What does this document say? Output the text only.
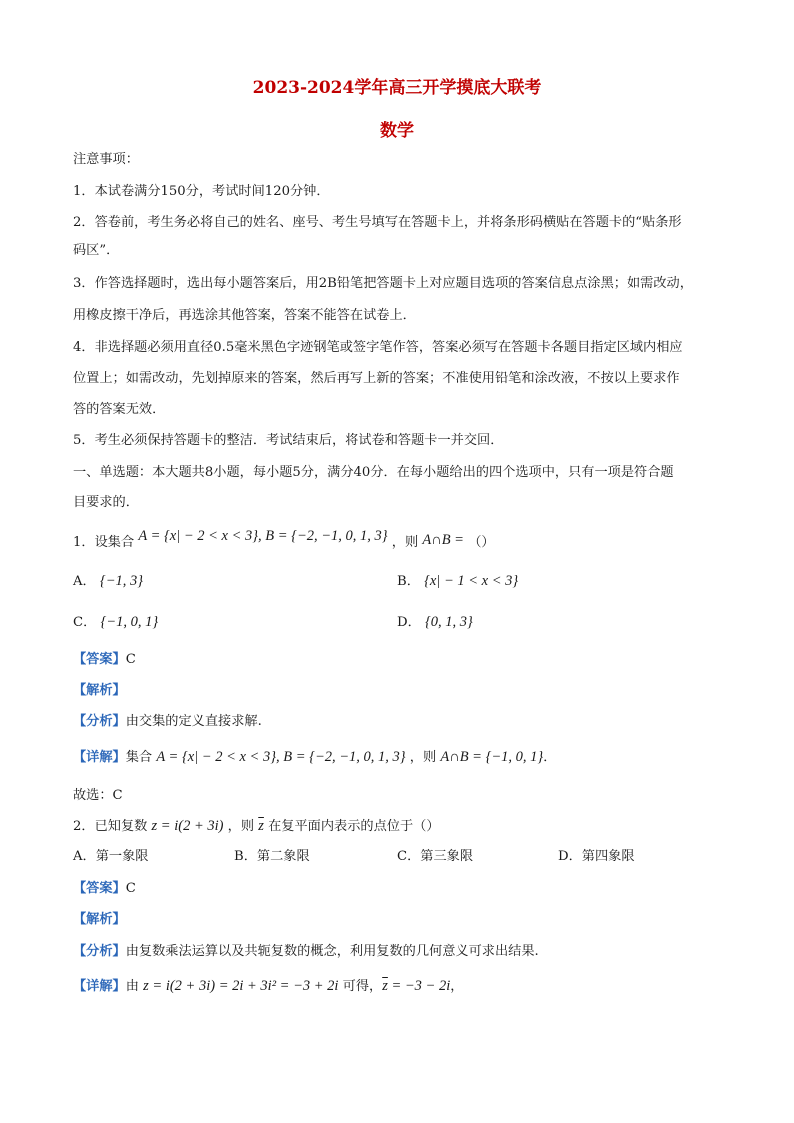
2023-2024学年高三开学摸底大联考
数学
注意事项：
1．本试卷满分150分，考试时间120分钟．
2．答卷前，考生务必将自己的姓名、座号、考生号填写在答题卡上，并将条形码横贴在答题卡的“贴条形
码区”．
3．作答选择题时，选出每小题答案后，用2B铅笔把答题卡上对应题目选项的答案信息点涂黑；如需改动，
用橡皮擦干净后，再选涂其他答案，答案不能答在试卷上．
4．非选择题必须用直径0.5毫米黑色字迹钢笔或签字笔作答，答案必须写在答题卡各题目指定区域内相应
位置上；如需改动，先划掉原来的答案，然后再写上新的答案；不准使用铅笔和涂改液，不按以上要求作
答的答案无效．
5．考生必须保持答题卡的整洁．考试结束后，将试卷和答题卡一并交回．
一、单选题：本大题共8小题，每小题5分，满分40分．在每小题给出的四个选项中，只有一项是符合题
目要求的．
1．设集合 A = {x| − 2 < x < 3}, B = {−2, −1, 0, 1, 3} ，则 A∩B = （）
A． {−1, 3}	B． {x| − 1 < x < 3}
C． {−1, 0, 1}	D． {0, 1, 3}
【答案】C
【解析】
【分析】由交集的定义直接求解.
【详解】集合 A = {x| − 2 < x < 3}, B = {−2, −1, 0, 1, 3} ，则 A∩B = {−1, 0, 1}．
故选：C
2．已知复数 z = i(2 + 3i) ，则 $\overline{z}$ 在复平面内表示的点位于（）
A．第一象限	B．第二象限	C．第三象限	D．第四象限
【答案】C
【解析】
【分析】由复数乘法运算以及共轭复数的概念，利用复数的几何意义可求出结果.
【详解】由 z = i(2 + 3i) = 2i + 3i² = −3 + 2i 可得，$\overline{z} = -3 - 2i$，
